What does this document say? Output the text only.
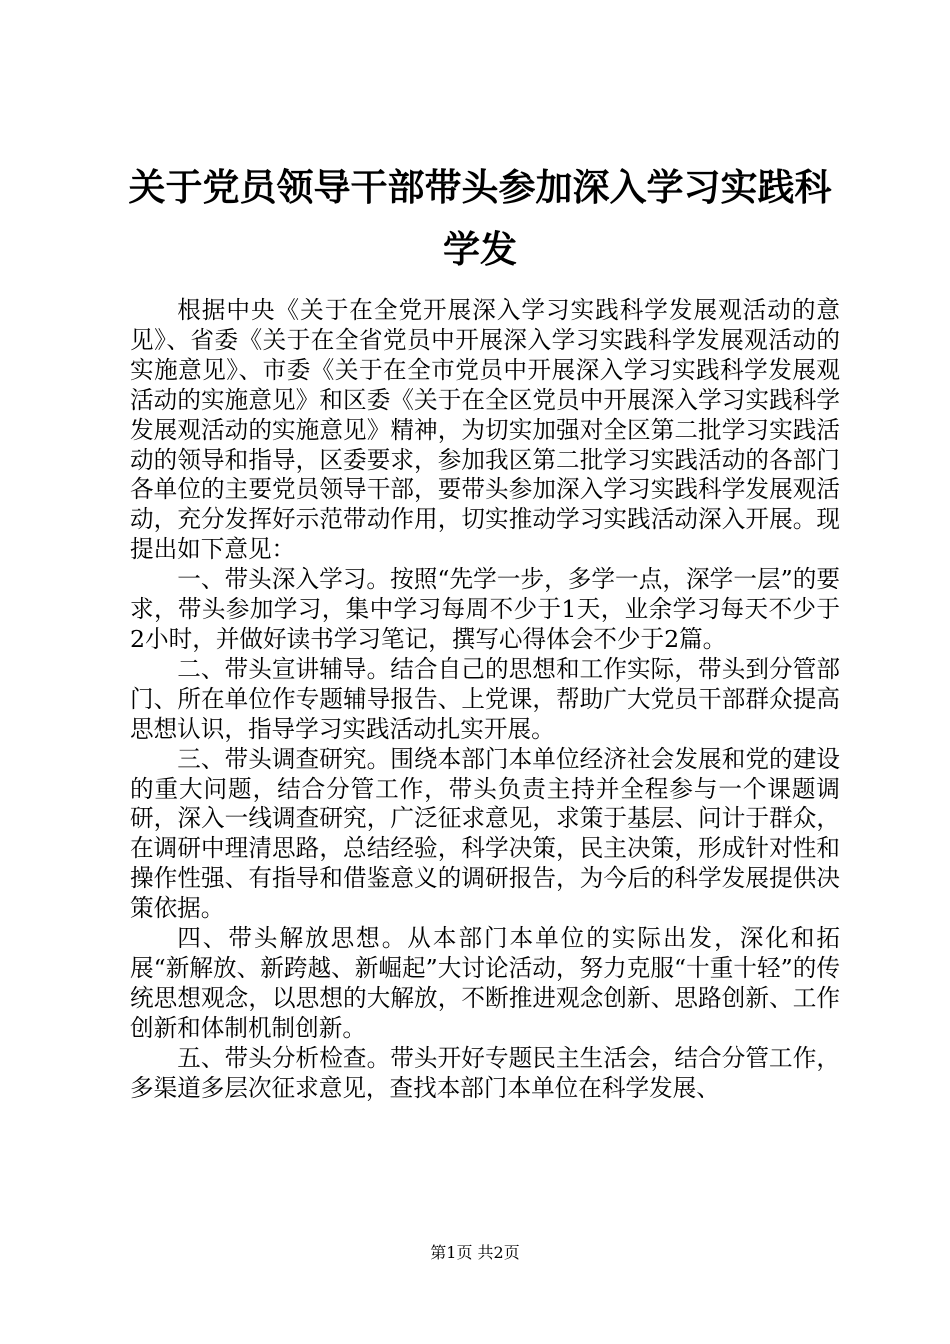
关于党员领导干部带头参加深入学习实践科学发

根据中央《关于在全党开展深入学习实践科学发展观活动的意见》、省委《关于在全省党员中开展深入学习实践科学发展观活动的实施意见》、市委《关于在全市党员中开展深入学习实践科学发展观活动的实施意见》和区委《关于在全区党员中开展深入学习实践科学发展观活动的实施意见》精神，为切实加强对全区第二批学习实践活动的领导和指导，区委要求，参加我区第二批学习实践活动的各部门各单位的主要党员领导干部，要带头参加深入学习实践科学发展观活动，充分发挥好示范带动作用，切实推动学习实践活动深入开展。现提出如下意见：

一、带头深入学习。按照“先学一步，多学一点，深学一层”的要求，带头参加学习，集中学习每周不少于1天，业余学习每天不少于2小时，并做好读书学习笔记，撰写心得体会不少于2篇。

二、带头宣讲辅导。结合自己的思想和工作实际，带头到分管部门、所在单位作专题辅导报告、上党课，帮助广大党员干部群众提高思想认识，指导学习实践活动扎实开展。

三、带头调查研究。围绕本部门本单位经济社会发展和党的建设的重大问题，结合分管工作，带头负责主持并全程参与一个课题调研，深入一线调查研究，广泛征求意见，求策于基层、问计于群众，在调研中理清思路，总结经验，科学决策，民主决策，形成针对性和操作性强、有指导和借鉴意义的调研报告，为今后的科学发展提供决策依据。

四、带头解放思想。从本部门本单位的实际出发，深化和拓展“新解放、新跨越、新崛起”大讨论活动，努力克服“十重十轻”的传统思想观念，以思想的大解放，不断推进观念创新、思路创新、工作创新和体制机制创新。

五、带头分析检查。带头开好专题民主生活会，结合分管工作，多渠道多层次征求意见，查找本部门本单位在科学发展、

第1页 共2页
